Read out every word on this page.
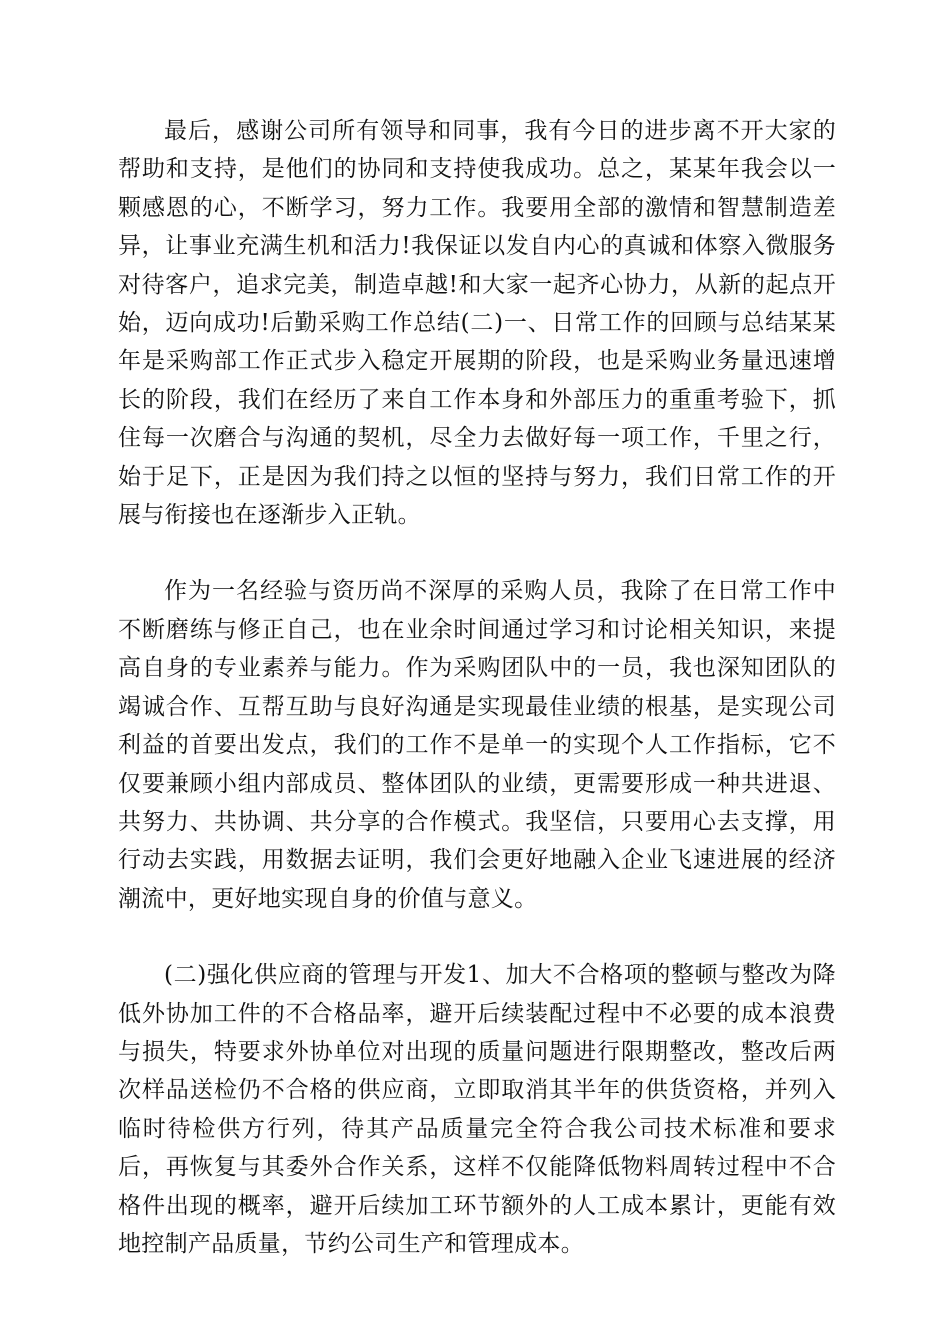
最后，感谢公司所有领导和同事，我有今日的进步离不开大家的帮助和支持，是他们的协同和支持使我成功。总之，某某年我会以一颗感恩的心，不断学习，努力工作。我要用全部的激情和智慧制造差异，让事业充满生机和活力!我保证以发自内心的真诚和体察入微服务对待客户，追求完美，制造卓越!和大家一起齐心协力，从新的起点开始，迈向成功!后勤采购工作总结(二)一、日常工作的回顾与总结某某年是采购部工作正式步入稳定开展期的阶段，也是采购业务量迅速增长的阶段，我们在经历了来自工作本身和外部压力的重重考验下，抓住每一次磨合与沟通的契机，尽全力去做好每一项工作，千里之行，始于足下，正是因为我们持之以恒的坚持与努力，我们日常工作的开展与衔接也在逐渐步入正轨。

作为一名经验与资历尚不深厚的采购人员，我除了在日常工作中不断磨练与修正自己，也在业余时间通过学习和讨论相关知识，来提高自身的专业素养与能力。作为采购团队中的一员，我也深知团队的竭诚合作、互帮互助与良好沟通是实现最佳业绩的根基，是实现公司利益的首要出发点，我们的工作不是单一的实现个人工作指标，它不仅要兼顾小组内部成员、整体团队的业绩，更需要形成一种共进退、共努力、共协调、共分享的合作模式。我坚信，只要用心去支撑，用行动去实践，用数据去证明，我们会更好地融入企业飞速进展的经济潮流中，更好地实现自身的价值与意义。

(二)强化供应商的管理与开发1、加大不合格项的整顿与整改为降低外协加工件的不合格品率，避开后续装配过程中不必要的成本浪费与损失，特要求外协单位对出现的质量问题进行限期整改，整改后两次样品送检仍不合格的供应商，立即取消其半年的供货资格，并列入临时待检供方行列，待其产品质量完全符合我公司技术标准和要求后，再恢复与其委外合作关系，这样不仅能降低物料周转过程中不合格件出现的概率，避开后续加工环节额外的人工成本累计，更能有效地控制产品质量，节约公司生产和管理成本。
